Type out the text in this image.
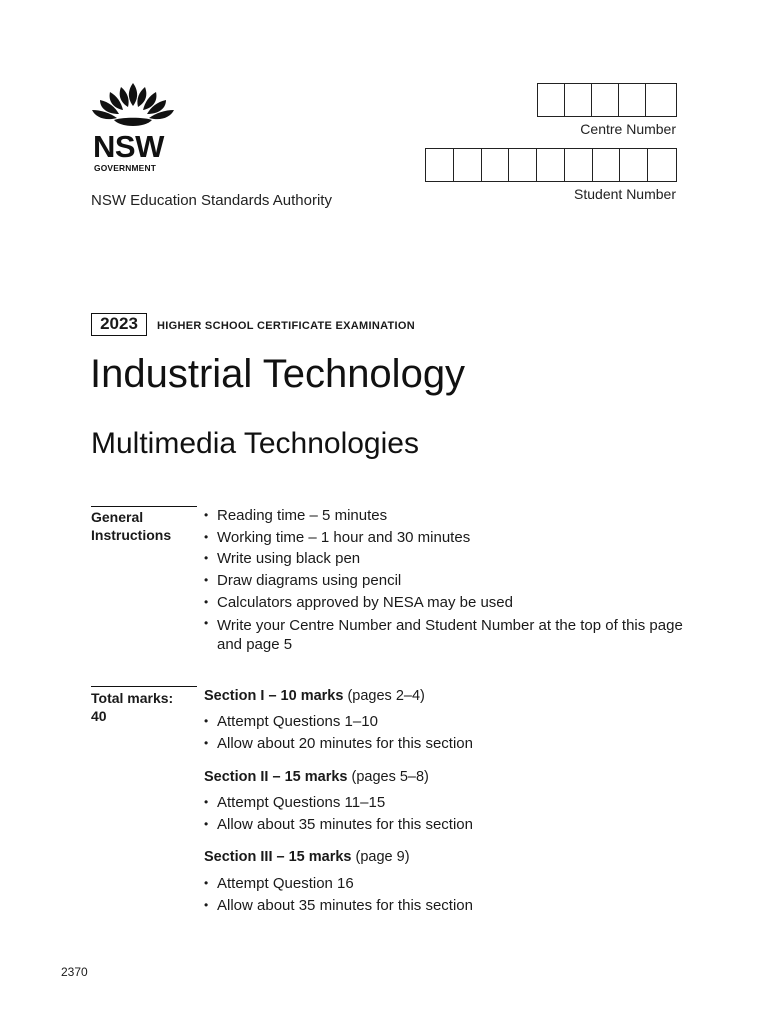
NSW
GOVERNMENT
NSW Education Standards Authority
Centre Number
Student Number
2023	HIGHER SCHOOL CERTIFICATE EXAMINATION
Industrial Technology
Multimedia Technologies
General
Instructions
• Reading time – 5 minutes
• Working time – 1 hour and 30 minutes
• Write using black pen
• Draw diagrams using pencil
• Calculators approved by NESA may be used
• Write your Centre Number and Student Number at the top of this page and page 5
Total marks:
40
Section I – 10 marks (pages 2–4)
• Attempt Questions 1–10
• Allow about 20 minutes for this section
Section II – 15 marks (pages 5–8)
• Attempt Questions 11–15
• Allow about 35 minutes for this section
Section III – 15 marks (page 9)
• Attempt Question 16
• Allow about 35 minutes for this section
2370
